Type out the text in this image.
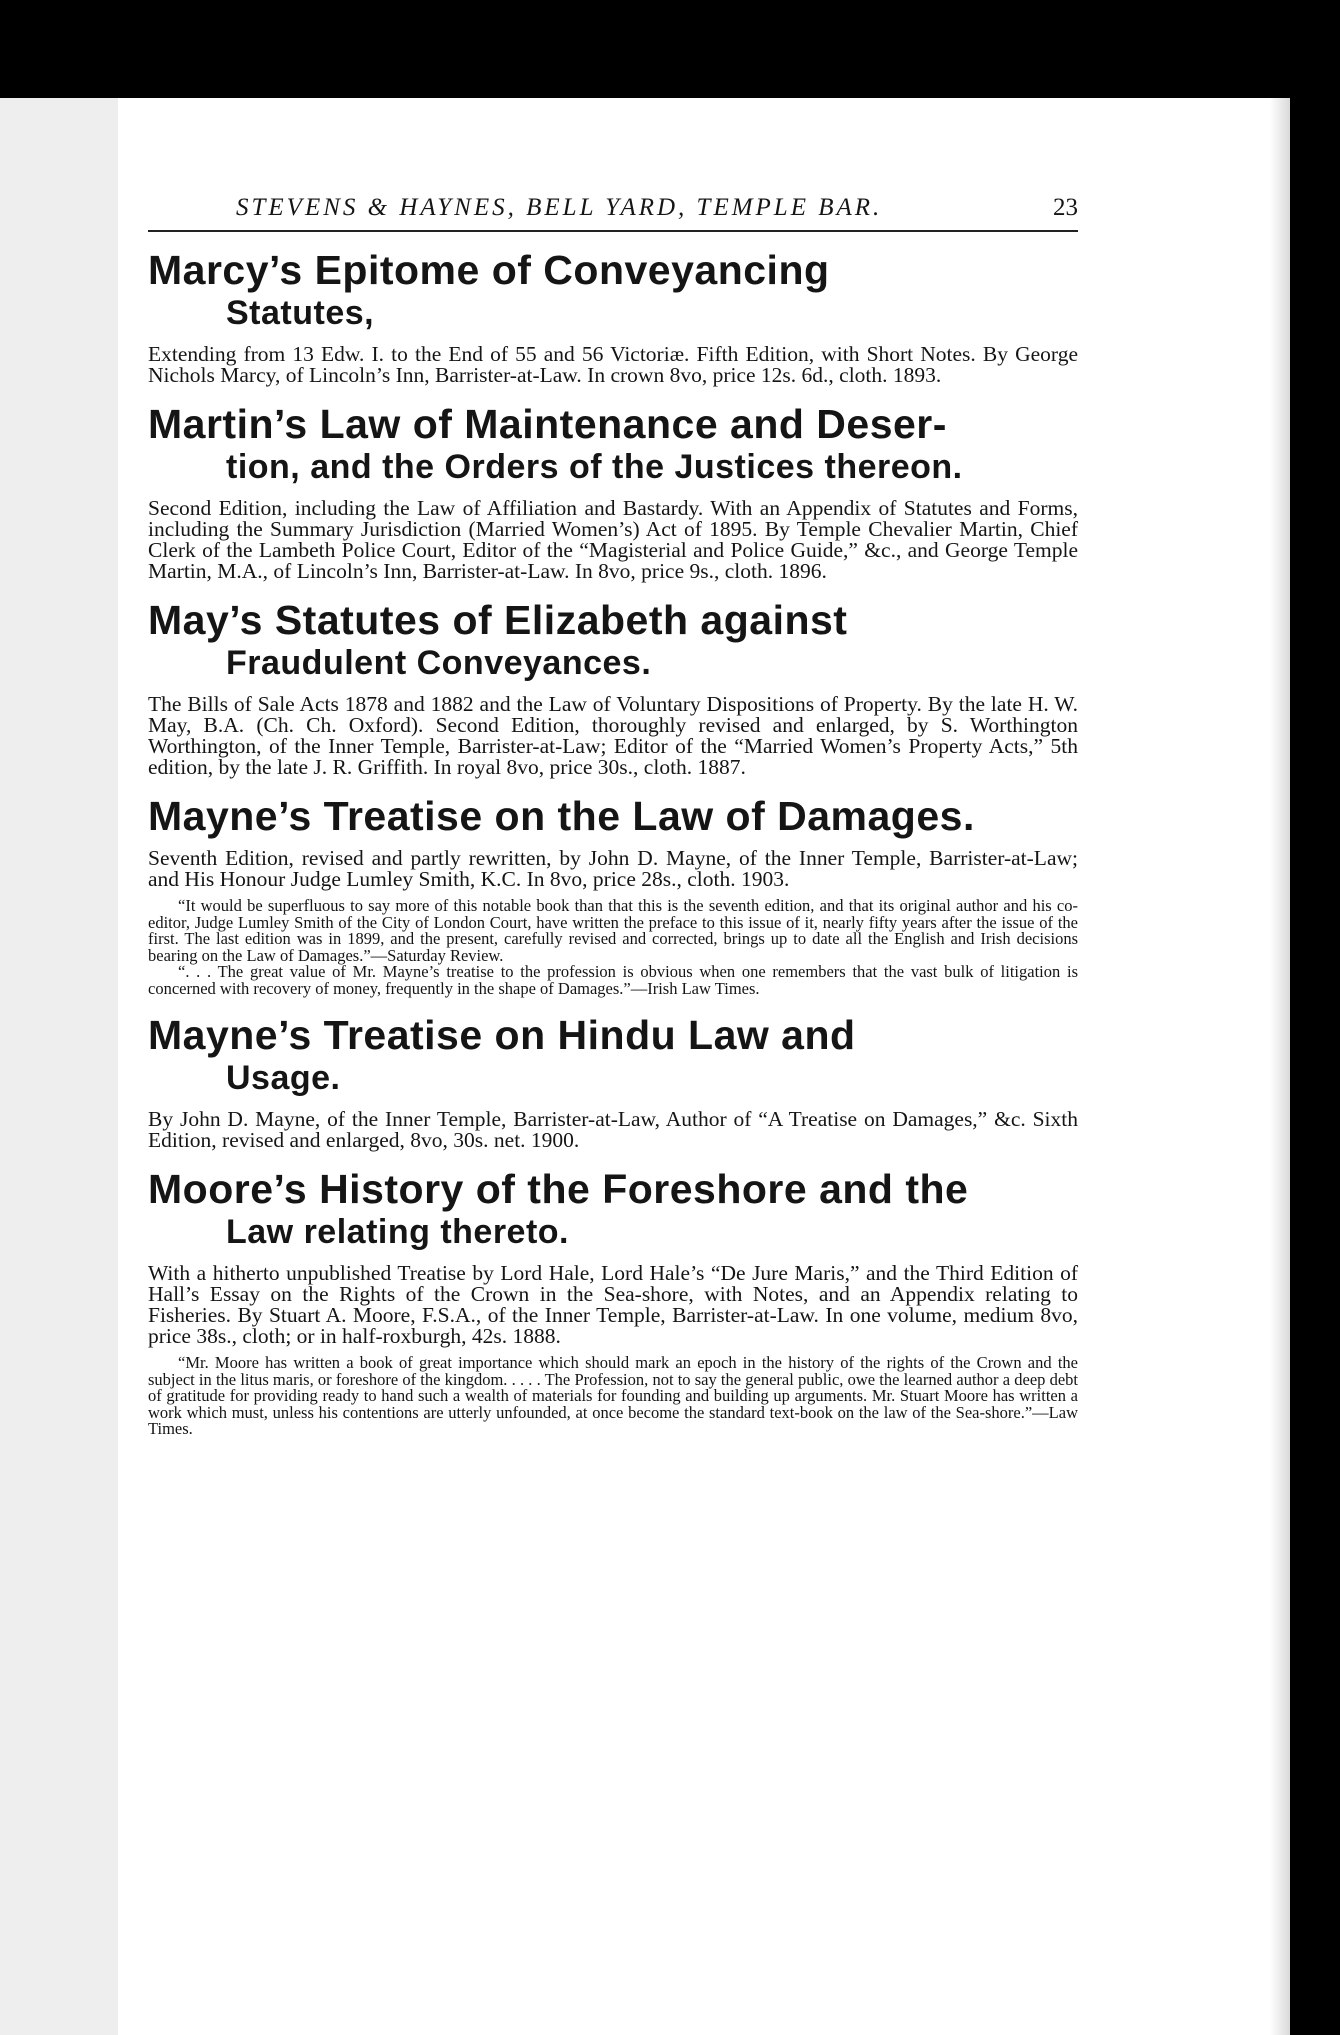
STEVENS & HAYNES, BELL YARD, TEMPLE BAR.	23
Marcy’s Epitome of Conveyancing
Statutes,

Extending from 13 Edw. I. to the End of 55 and 56 Victoriæ. Fifth Edition, with Short Notes. By George Nichols Marcy, of Lincoln’s Inn, Barrister-at-Law. In crown 8vo, price 12s. 6d., cloth. 1893.

Martin’s Law of Maintenance and Deser-
tion, and the Orders of the Justices thereon.

Second Edition, including the Law of Affiliation and Bastardy. With an Appendix of Statutes and Forms, including the Summary Jurisdiction (Married Women’s) Act of 1895. By Temple Chevalier Martin, Chief Clerk of the Lambeth Police Court, Editor of the “Magisterial and Police Guide,” &c., and George Temple Martin, M.A., of Lincoln’s Inn, Barrister-at-Law. In 8vo, price 9s., cloth. 1896.

May’s Statutes of Elizabeth against
Fraudulent Conveyances.

The Bills of Sale Acts 1878 and 1882 and the Law of Voluntary Dispositions of Property. By the late H. W. May, B.A. (Ch. Ch. Oxford). Second Edition, thoroughly revised and enlarged, by S. Worthington Worthington, of the Inner Temple, Barrister-at-Law; Editor of the “Married Women’s Property Acts,” 5th edition, by the late J. R. Griffith. In royal 8vo, price 30s., cloth. 1887.

Mayne’s Treatise on the Law of Damages.

Seventh Edition, revised and partly rewritten, by John D. Mayne, of the Inner Temple, Barrister-at-Law; and His Honour Judge Lumley Smith, K.C. In 8vo, price 28s., cloth. 1903.

“It would be superfluous to say more of this notable book than that this is the seventh edition, and that its original author and his co-editor, Judge Lumley Smith of the City of London Court, have written the preface to this issue of it, nearly fifty years after the issue of the first. The last edition was in 1899, and the present, carefully revised and corrected, brings up to date all the English and Irish decisions bearing on the Law of Damages.”—Saturday Review.

“. . . The great value of Mr. Mayne’s treatise to the profession is obvious when one remembers that the vast bulk of litigation is concerned with recovery of money, frequently in the shape of Damages.”—Irish Law Times.

Mayne’s Treatise on Hindu Law and
Usage.

By John D. Mayne, of the Inner Temple, Barrister-at-Law, Author of “A Treatise on Damages,” &c. Sixth Edition, revised and enlarged, 8vo, 30s. net. 1900.

Moore’s History of the Foreshore and the
Law relating thereto.

With a hitherto unpublished Treatise by Lord Hale, Lord Hale’s “De Jure Maris,” and the Third Edition of Hall’s Essay on the Rights of the Crown in the Sea-shore, with Notes, and an Appendix relating to Fisheries. By Stuart A. Moore, F.S.A., of the Inner Temple, Barrister-at-Law. In one volume, medium 8vo, price 38s., cloth; or in half-roxburgh, 42s. 1888.

“Mr. Moore has written a book of great importance which should mark an epoch in the history of the rights of the Crown and the subject in the litus maris, or foreshore of the kingdom. . . . . The Profession, not to say the general public, owe the learned author a deep debt of gratitude for providing ready to hand such a wealth of materials for founding and building up arguments. Mr. Stuart Moore has written a work which must, unless his contentions are utterly unfounded, at once become the standard text-book on the law of the Sea-shore.”—Law Times.
